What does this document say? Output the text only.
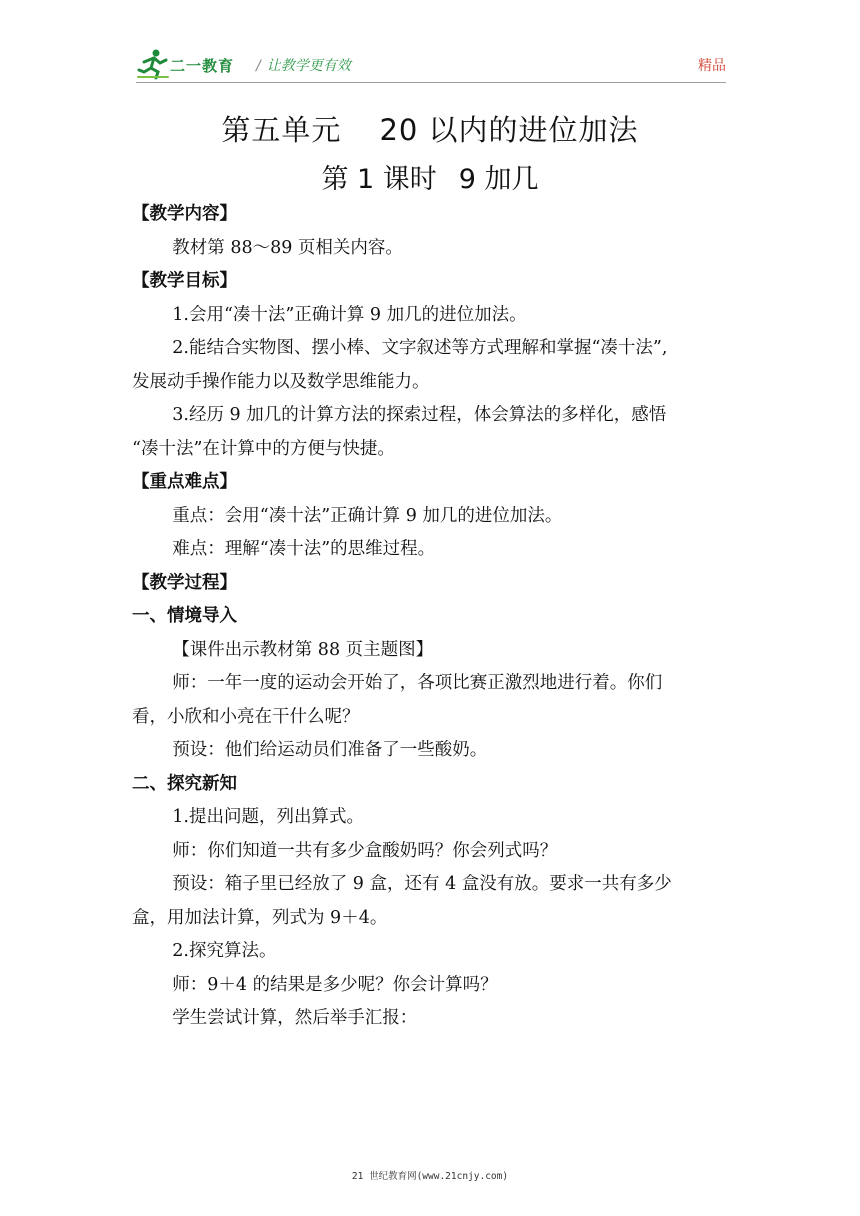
二一教育 / 让教学更有效	精品
第五单元 20 以内的进位加法
第 1 课时 9 加几

【教学内容】

教材第 88～89 页相关内容。

【教学目标】

1.会用“凑十法”正确计算 9 加几的进位加法。

2.能结合实物图、摆小棒、文字叙述等方式理解和掌握“凑十法”,

发展动手操作能力以及数学思维能力。

3.经历 9 加几的计算方法的探索过程，体会算法的多样化，感悟

“凑十法”在计算中的方便与快捷。

【重点难点】

重点：会用“凑十法”正确计算 9 加几的进位加法。

难点：理解“凑十法”的思维过程。

【教学过程】

一、情境导入

【课件出示教材第 88 页主题图】

师：一年一度的运动会开始了，各项比赛正激烈地进行着。你们

看，小欣和小亮在干什么呢？

预设：他们给运动员们准备了一些酸奶。

二、探究新知

1.提出问题，列出算式。

师：你们知道一共有多少盒酸奶吗？你会列式吗？

预设：箱子里已经放了 9 盒，还有 4 盒没有放。要求一共有多少

盒，用加法计算，列式为 9＋4。

2.探究算法。

师：9＋4 的结果是多少呢？你会计算吗？

学生尝试计算，然后举手汇报：

21 世纪教育网(www.21cnjy.com)
